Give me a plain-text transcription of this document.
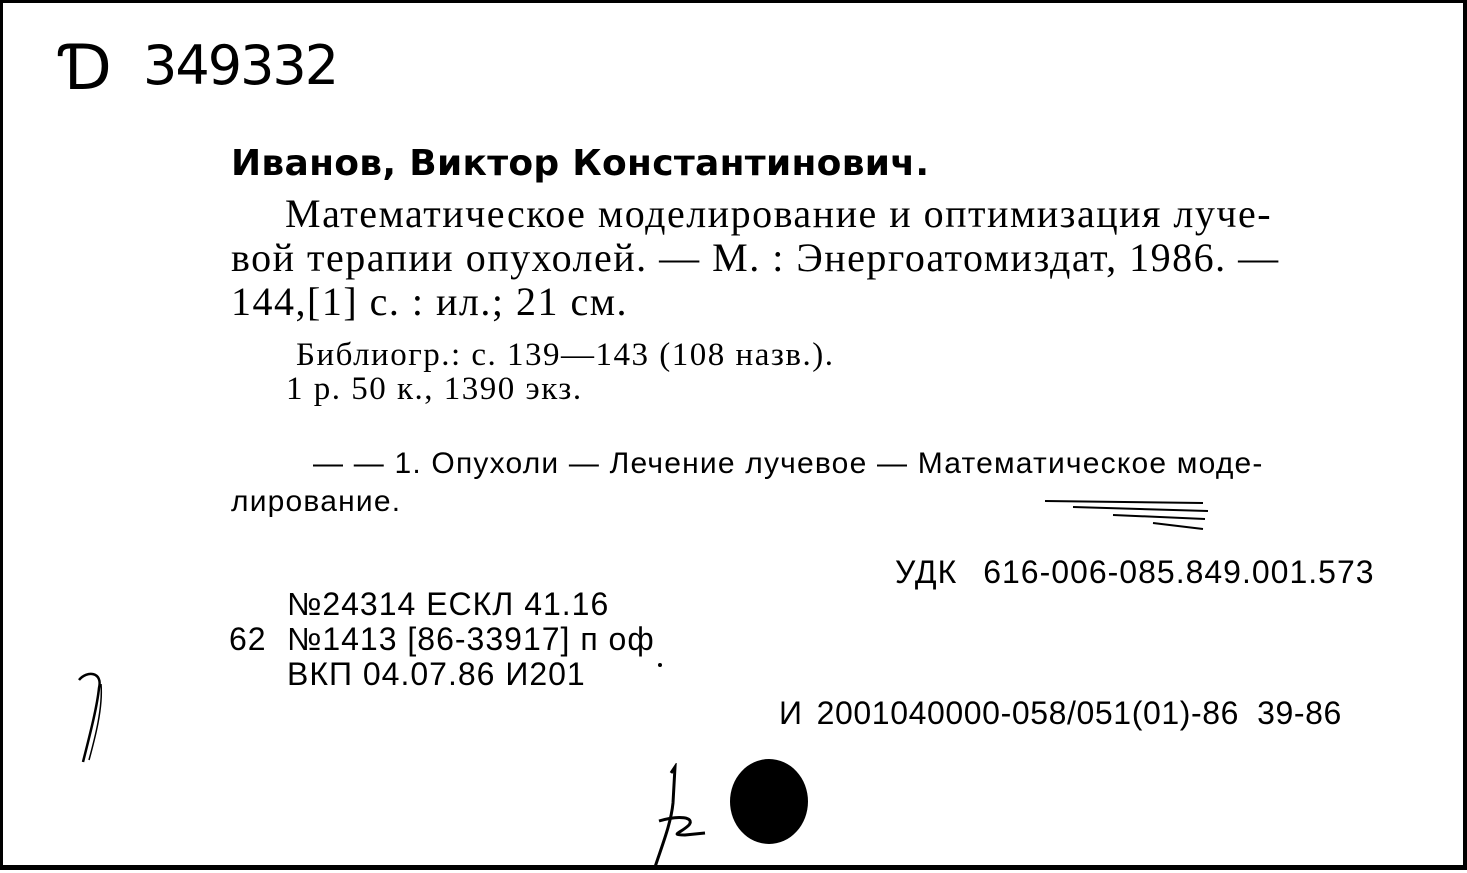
Ɗ 349332
Иванов, Виктор Константинович.
Математическое моделирование и оптимизация луче-
вой терапии опухолей. — М. : Энергоатомиздат, 1986. —
144,[1] с. : ил.; 21 см.
Библиогр.: с. 139—143 (108 назв.).
1 р. 50 к., 1390 экз.
— — 1. Опухоли — Лечение лучевое — Математическое моде-
лирование.
УДК 616-006-085.849.001.573
№24314 ЕСКЛ 41.16
62 №1413 [86-33917] п оф
ВКП 04.07.86 И201
И 2001040000-058/051(01)-86 39-86
